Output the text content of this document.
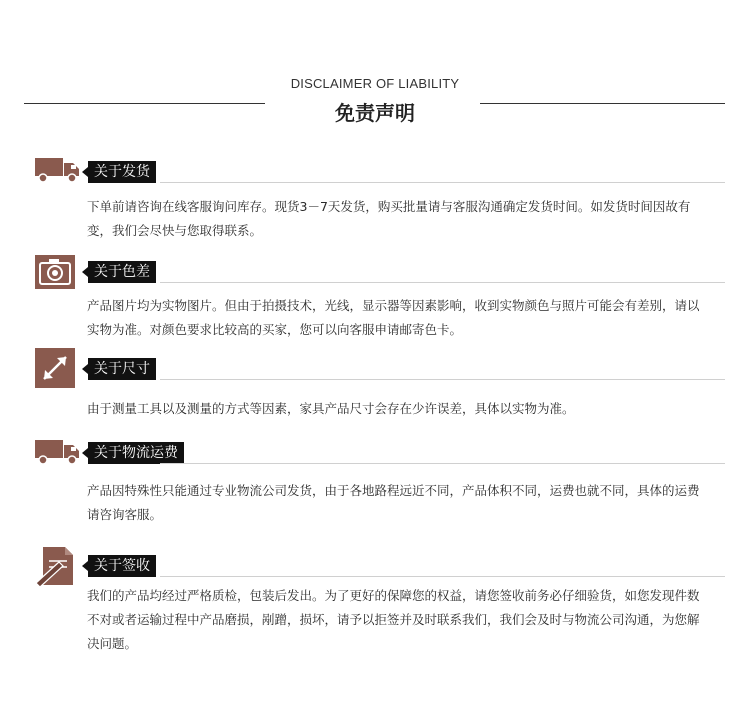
DISCLAIMER OF LIABILITY
免责声明
关于发货
下单前请咨询在线客服询问库存。现货3－7天发货，购买批量请与客服沟通确定发货时间。如发货时间因故有变，我们会尽快与您取得联系。
关于色差
产品图片均为实物图片。但由于拍摄技术，光线，显示器等因素影响，收到实物颜色与照片可能会有差别，请以实物为准。对颜色要求比较高的买家，您可以向客服申请邮寄色卡。
关于尺寸
由于测量工具以及测量的方式等因素，家具产品尺寸会存在少许误差，具体以实物为准。
关于物流运费
产品因特殊性只能通过专业物流公司发货，由于各地路程远近不同，产品体积不同，运费也就不同，具体的运费请咨询客服。
关于签收
我们的产品均经过严格质检，包装后发出。为了更好的保障您的权益，请您签收前务必仔细验货，如您发现件数不对或者运输过程中产品磨损，剐蹭，损坏，请予以拒签并及时联系我们，我们会及时与物流公司沟通，为您解决问题。
